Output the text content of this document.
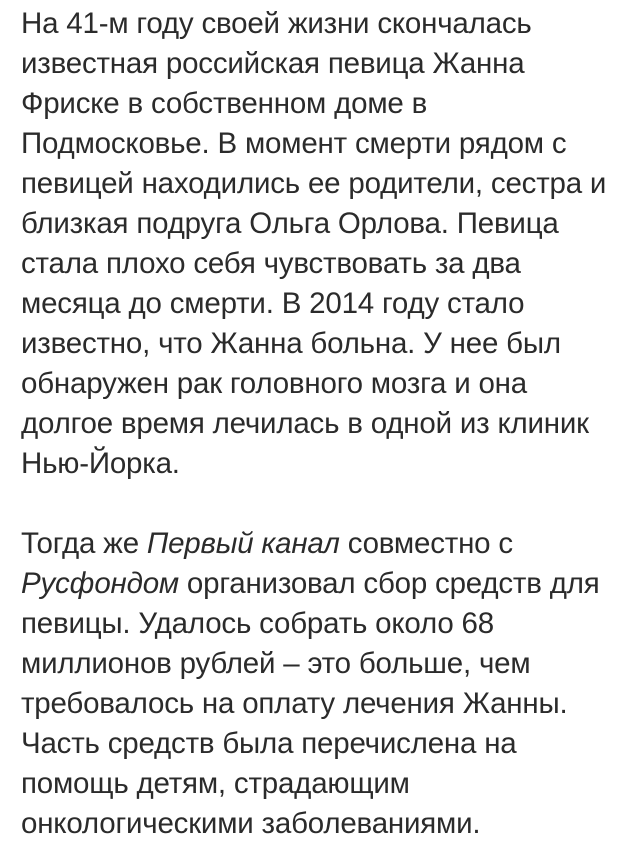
На 41-м году своей жизни скончалась
известная российская певица Жанна
Фриске в собственном доме в
Подмосковье. В момент смерти рядом с
певицей находились ее родители, сестра и
близкая подруга Ольга Орлова. Певица
стала плохо себя чувствовать за два
месяца до смерти. В 2014 году стало
известно, что Жанна больна. У нее был
обнаружен рак головного мозга и она
долгое время лечилась в одной из клиник
Нью-Йорка.

Тогда же Первый канал совместно с
Русфондом организовал сбор средств для
певицы. Удалось собрать около 68
миллионов рублей – это больше, чем
требовалось на оплату лечения Жанны.
Часть средств была перечислена на
помощь детям, страдающим
онкологическими заболеваниями.
